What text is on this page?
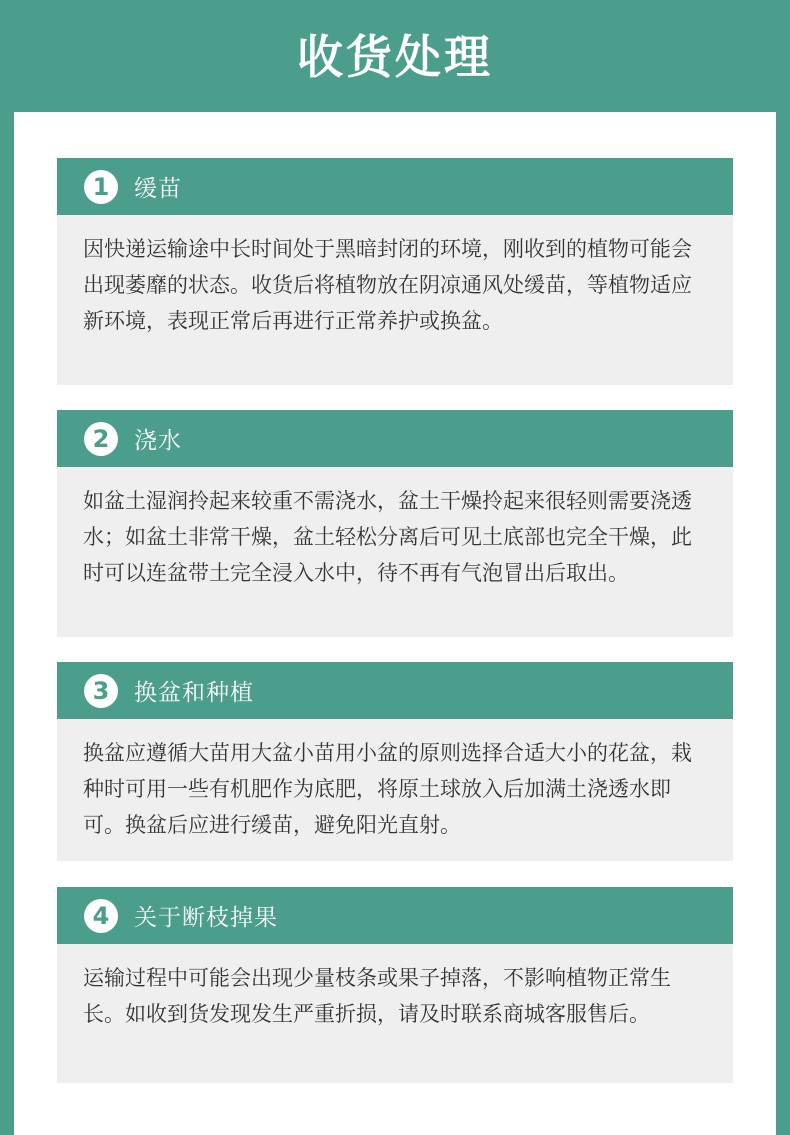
收货处理
1	缓苗
因快递运输途中长时间处于黑暗封闭的环境，刚收到的植物可能会出现萎靡的状态。收货后将植物放在阴凉通风处缓苗，等植物适应新环境，表现正常后再进行正常养护或换盆。
2	浇水
如盆土湿润拎起来较重不需浇水，盆土干燥拎起来很轻则需要浇透水；如盆土非常干燥，盆土轻松分离后可见土底部也完全干燥，此时可以连盆带土完全浸入水中，待不再有气泡冒出后取出。
3	换盆和种植
换盆应遵循大苗用大盆小苗用小盆的原则选择合适大小的花盆，栽种时可用一些有机肥作为底肥，将原土球放入后加满土浇透水即可。换盆后应进行缓苗，避免阳光直射。
4	关于断枝掉果
运输过程中可能会出现少量枝条或果子掉落，不影响植物正常生长。如收到货发现发生严重折损，请及时联系商城客服售后。
